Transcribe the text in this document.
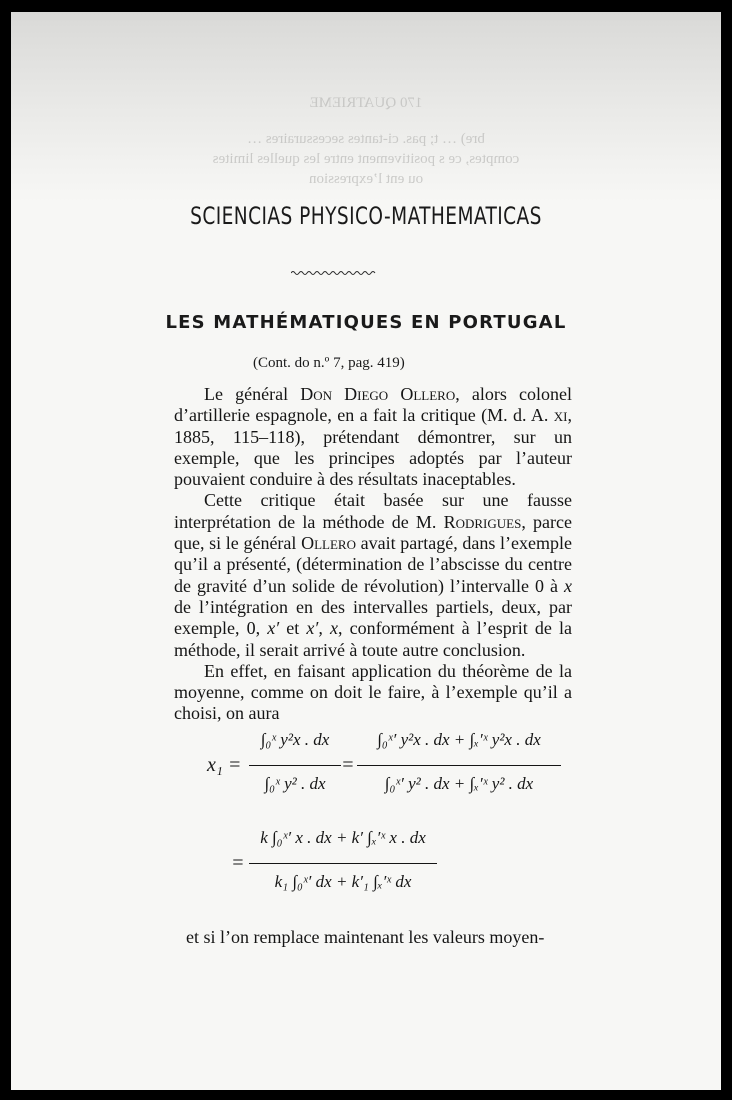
170 QUATRIEME
bre) … t; pas. ci-tantes secessuraires …
comptes, ce s positivement entre les quelles limites
ou ent l’expression
SCIENCIAS PHYSICO-MATHEMATICAS
LES MATHÉMATIQUES EN PORTUGAL
(Cont. do n.º 7, pag. 419)

Le général Don Diego Ollero, alors colonel d’artillerie espagnole, en a fait la critique (M. d. A. xi, 1885, 115–118), prétendant démontrer, sur un exemple, que les principes adoptés par l’auteur pouvaient conduire à des résultats inaceptables.

Cette critique était basée sur une fausse interprétation de la méthode de M. Rodrigues, parce que, si le général Ollero avait partagé, dans l’exemple qu’il a présenté, (détermination de l’abscisse du centre de gravité d’un solide de révolution) l’intervalle 0 à x de l’intégration en des intervalles partiels, deux, par exemple, 0, x′ et x′, x, conformément à l’esprit de la méthode, il serait arrivé à toute autre conclusion.

En effet, en faisant application du théorème de la moyenne, comme on doit le faire, à l’exemple qu’il a choisi, on aura

x₁ =
∫₀ˣ y²x . dx
∫₀ˣ y² . dx
=
∫₀ˣ′ y²x . dx + ∫ₓ′ˣ y²x . dx
∫₀ˣ′ y² . dx + ∫ₓ′ˣ y² . dx
=
k ∫₀ˣ′ x . dx + k′ ∫ₓ′ˣ x . dx
k₁ ∫₀ˣ′ dx + k′₁ ∫ₓ′ˣ dx
et si l’on remplace maintenant les valeurs moyen-
